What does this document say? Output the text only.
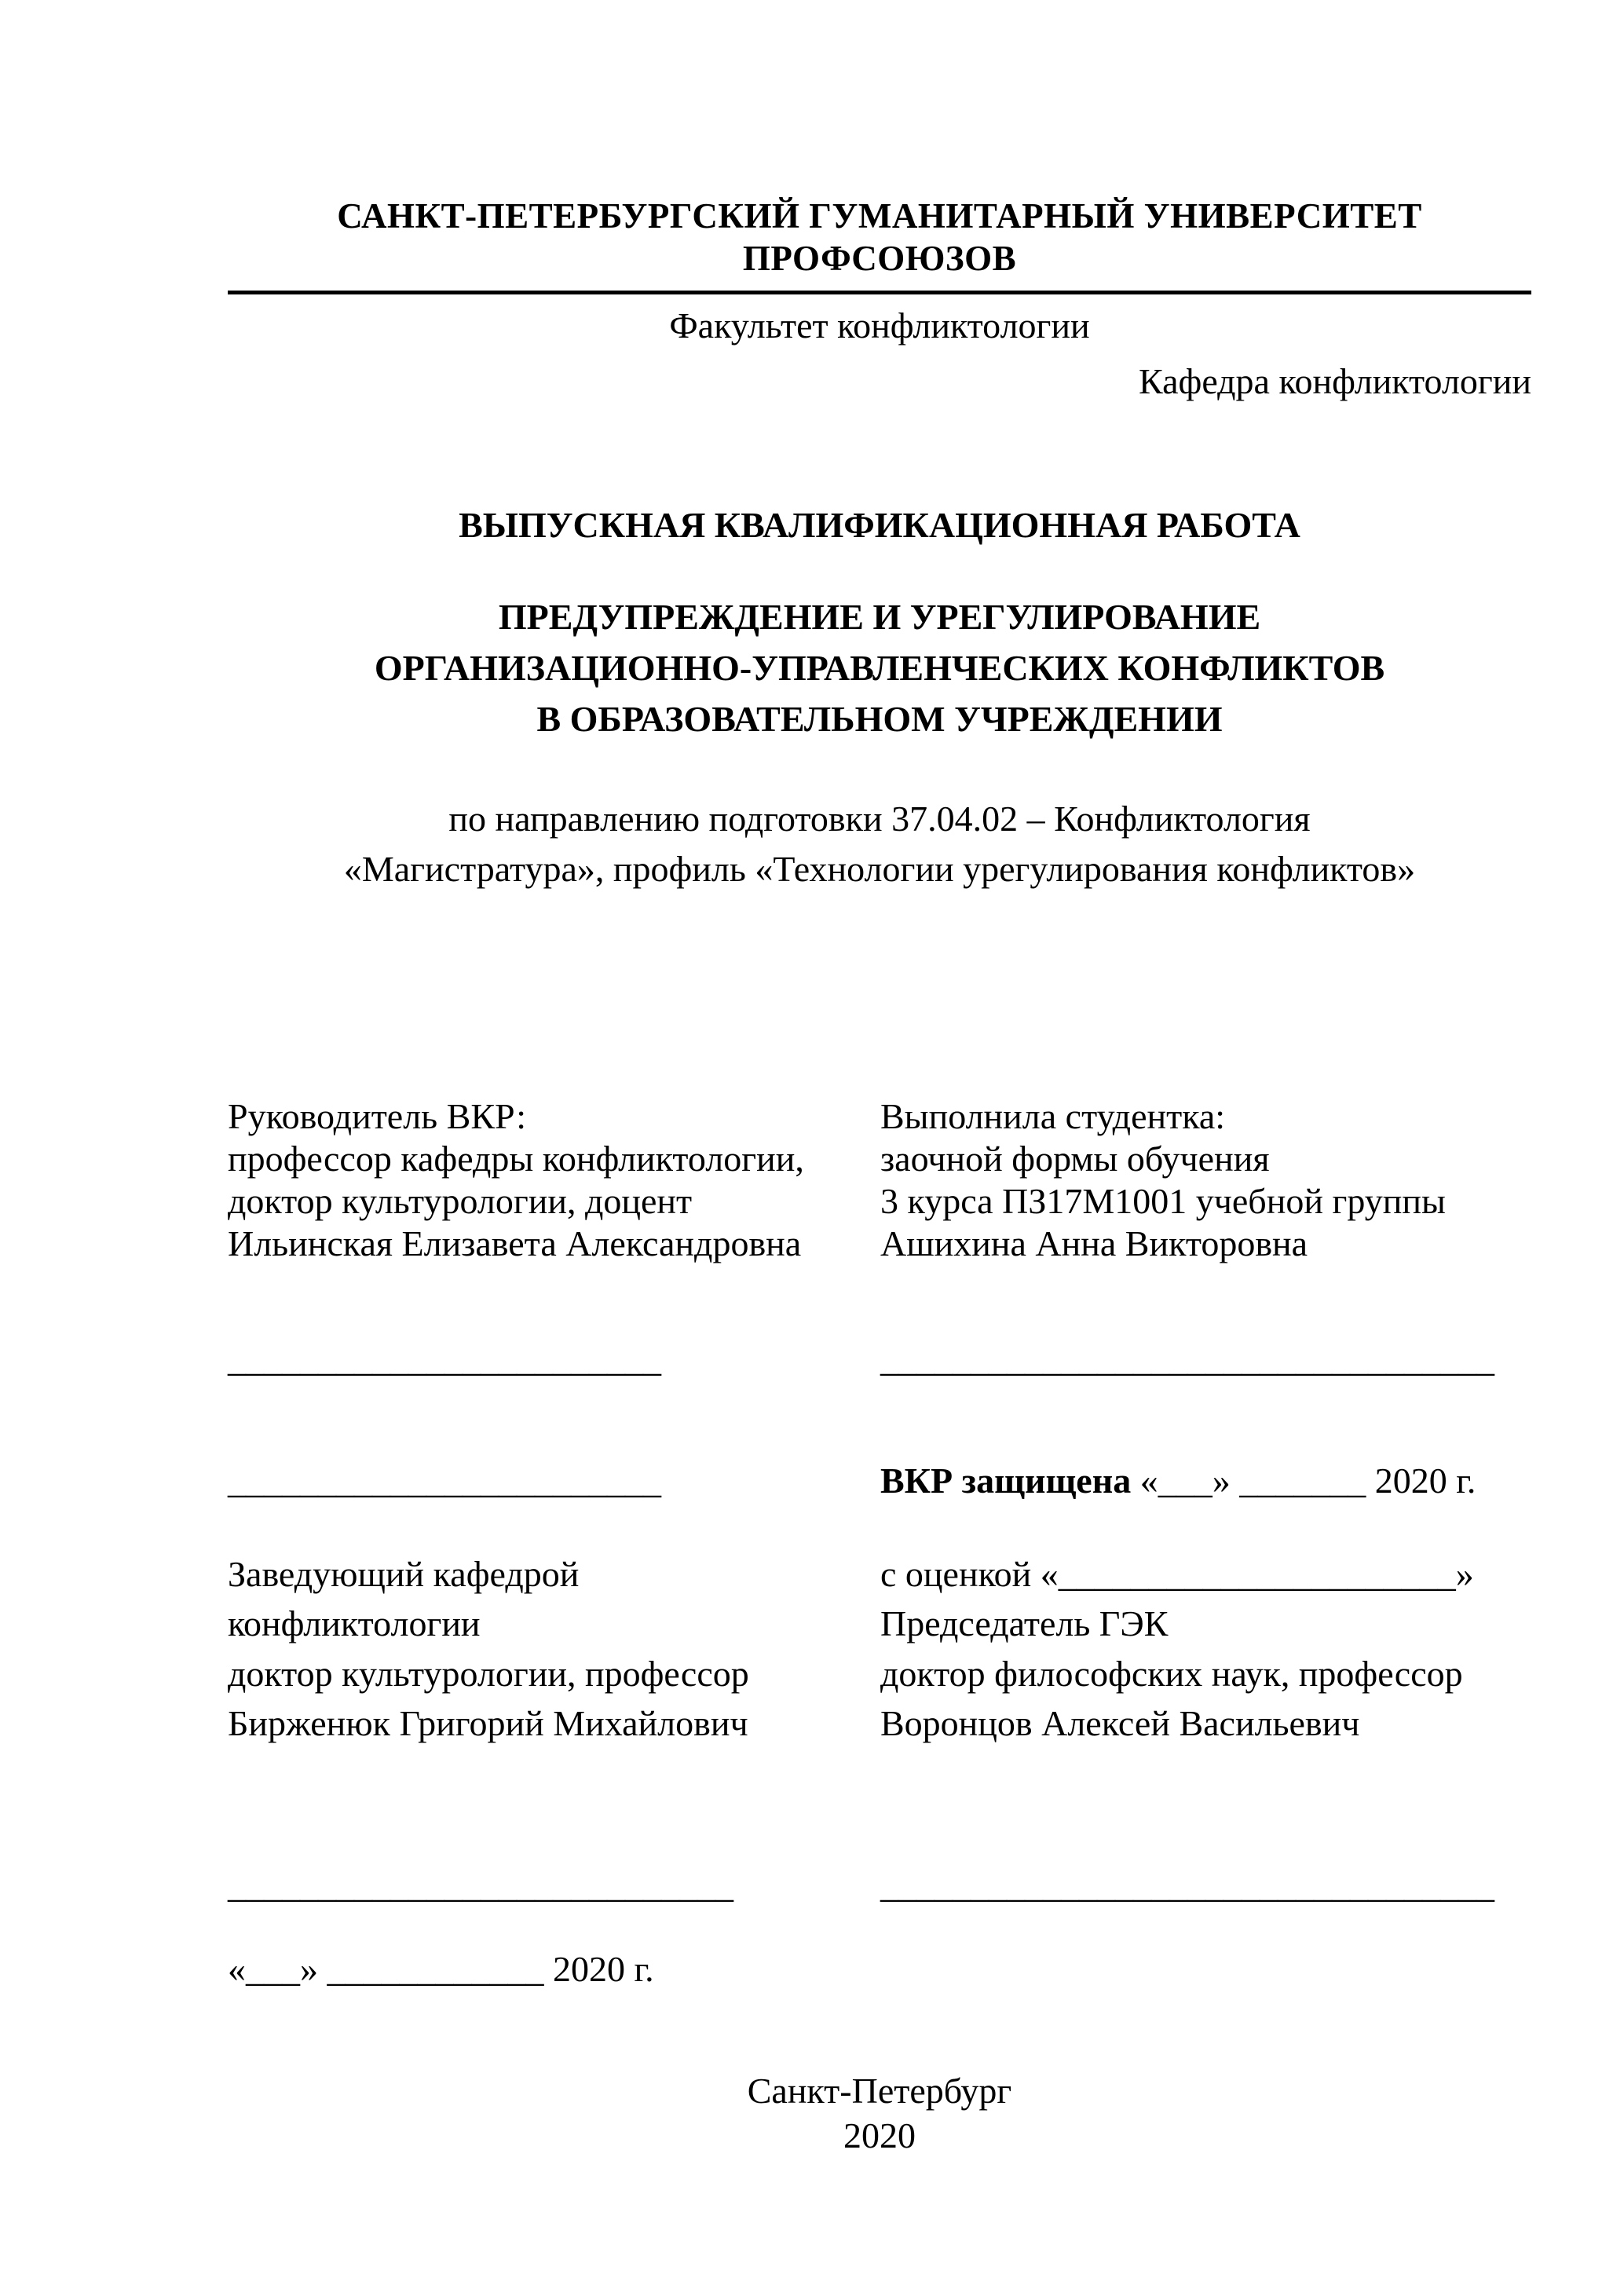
САНКТ-ПЕТЕРБУРГСКИЙ ГУМАНИТАРНЫЙ УНИВЕРСИТЕТ ПРОФСОЮЗОВ
Факультет конфликтологии
Кафедра конфликтологии
ВЫПУСКНАЯ КВАЛИФИКАЦИОННАЯ РАБОТА
ПРЕДУПРЕЖДЕНИЕ И УРЕГУЛИРОВАНИЕ
ОРГАНИЗАЦИОННО-УПРАВЛЕНЧЕСКИХ КОНФЛИКТОВ
В ОБРАЗОВАТЕЛЬНОМ УЧРЕЖДЕНИИ
по направлению подготовки 37.04.02 – Конфликтология
«Магистратура», профиль «Технологии урегулирования конфликтов»
Руководитель ВКР:
профессор кафедры конфликтологии,
доктор культурологии, доцент
Ильинская Елизавета Александровна
Выполнила студентка:
заочной формы обучения
3 курса ПЗ17М1001 учебной группы
Ашихина Анна Викторовна
________________________	__________________________________
________________________	ВКР защищена «___» _______ 2020 г.
Заведующий кафедрой
конфликтологии
доктор культурологии, профессор
Бирженюк Григорий Михайлович
с оценкой «______________________»
Председатель ГЭК
доктор философских наук, профессор
Воронцов Алексей Васильевич
____________________________	__________________________________
«___» ____________ 2020 г.
Санкт-Петербург
2020
